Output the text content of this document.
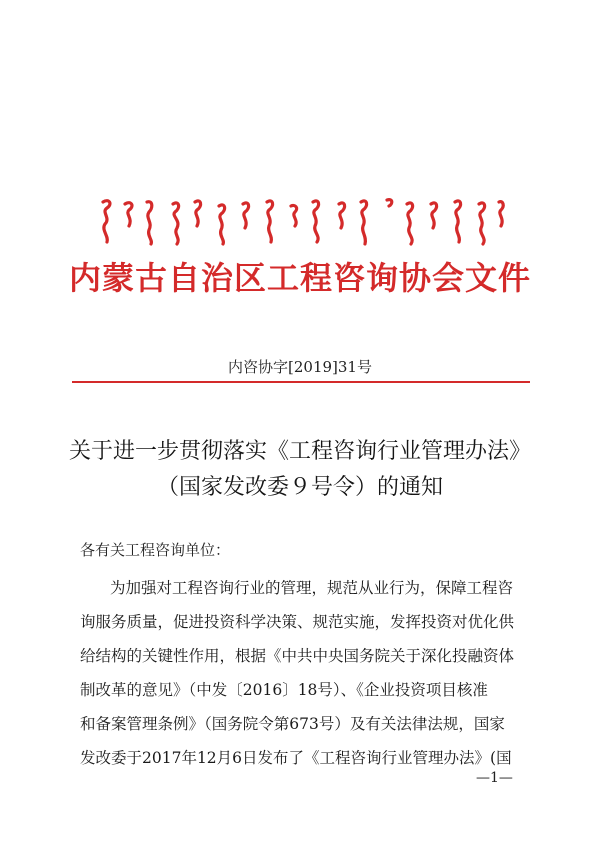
内蒙古自治区工程咨询协会文件
内咨协字[2019]31号
关于进一步贯彻落实《工程咨询行业管理办法》
（国家发改委９号令）的通知
各有关工程咨询单位：
为加强对工程咨询行业的管理，规范从业行为，保障工程咨
询服务质量，促进投资科学决策、规范实施，发挥投资对优化供
给结构的关键性作用，根据《中共中央国务院关于深化投融资体
制改革的意见》（中发〔2016〕18号）、《企业投资项目核准
和备案管理条例》（国务院令第673号）及有关法律法规，国家
发改委于2017年12月6日发布了《工程咨询行业管理办法》(国
—1—
